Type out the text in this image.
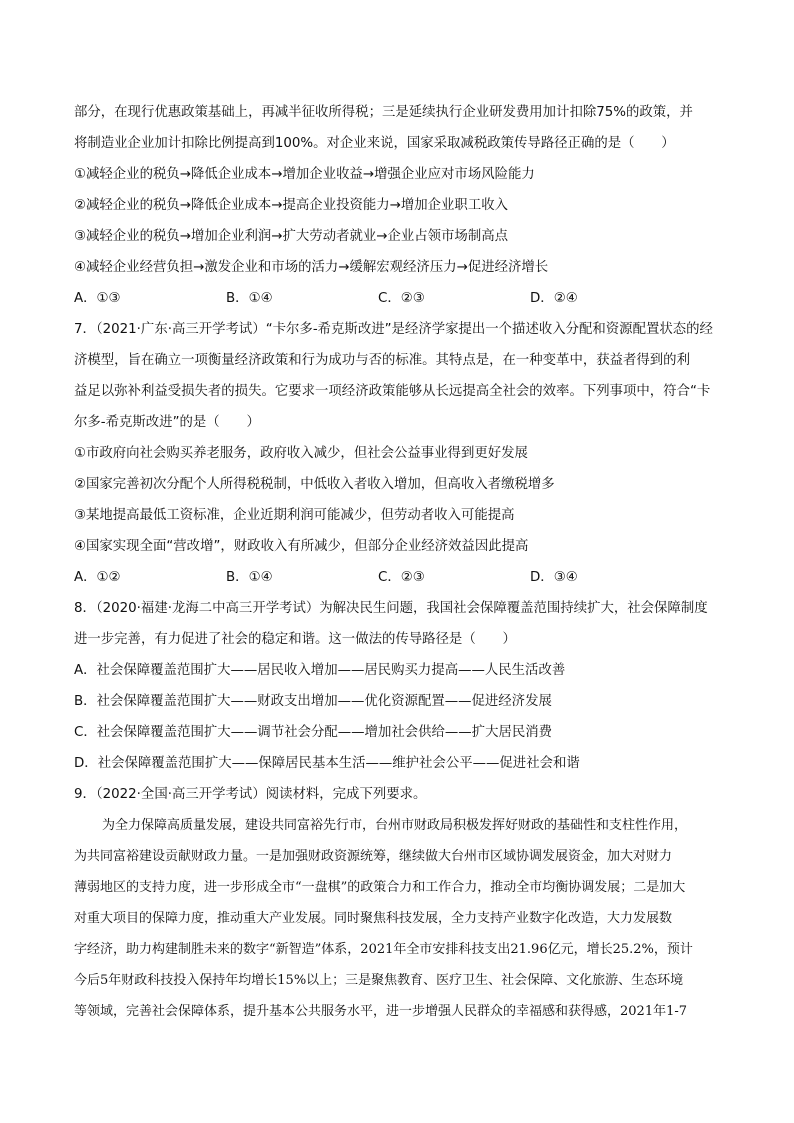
部分，在现行优惠政策基础上，再减半征收所得税；三是延续执行企业研发费用加计扣除75%的政策，并
将制造业企业加计扣除比例提高到100%。对企业来说，国家采取减税政策传导路径正确的是（　　）
①减轻企业的税负→降低企业成本→增加企业收益→增强企业应对市场风险能力
②减轻企业的税负→降低企业成本→提高企业投资能力→增加企业职工收入
③减轻企业的税负→增加企业利润→扩大劳动者就业→企业占领市场制高点
④减轻企业经营负担→激发企业和市场的活力→缓解宏观经济压力→促进经济增长
A．①③	B．①④	C．②③	D．②④
7．（2021·广东·高三开学考试）“卡尔多-希克斯改进”是经济学家提出一个描述收入分配和资源配置状态的经
济模型，旨在确立一项衡量经济政策和行为成功与否的标准。其特点是，在一种变革中，获益者得到的利
益足以弥补利益受损失者的损失。它要求一项经济政策能够从长远提高全社会的效率。下列事项中，符合“卡
尔多-希克斯改进”的是（　　）
①市政府向社会购买养老服务，政府收入减少，但社会公益事业得到更好发展
②国家完善初次分配个人所得税税制，中低收入者收入增加，但高收入者缴税增多
③某地提高最低工资标准，企业近期利润可能减少，但劳动者收入可能提高
④国家实现全面“营改增”，财政收入有所减少，但部分企业经济效益因此提高
A．①②	B．①④	C．②③	D．③④
8．（2020·福建·龙海二中高三开学考试）为解决民生问题，我国社会保障覆盖范围持续扩大，社会保障制度
进一步完善，有力促进了社会的稳定和谐。这一做法的传导路径是（　　）
A．社会保障覆盖范围扩大——居民收入增加——居民购买力提高——人民生活改善
B．社会保障覆盖范围扩大——财政支出增加——优化资源配置——促进经济发展
C．社会保障覆盖范围扩大——调节社会分配——增加社会供给——扩大居民消费
D．社会保障覆盖范围扩大——保障居民基本生活——维护社会公平——促进社会和谐
9．（2022·全国·高三开学考试）阅读材料，完成下列要求。
为全力保障高质量发展，建设共同富裕先行市，台州市财政局积极发挥好财政的基础性和支柱性作用，
为共同富裕建设贡献财政力量。一是加强财政资源统筹，继续做大台州市区域协调发展资金，加大对财力
薄弱地区的支持力度，进一步形成全市“一盘棋”的政策合力和工作合力，推动全市均衡协调发展；二是加大
对重大项目的保障力度，推动重大产业发展。同时聚焦科技发展，全力支持产业数字化改造，大力发展数
字经济，助力构建制胜未来的数字“新智造”体系，2021年全市安排科技支出21.96亿元，增长25.2%，预计
今后5年财政科技投入保持年均增长15%以上；三是聚焦教育、医疗卫生、社会保障、文化旅游、生态环境
等领域，完善社会保障体系，提升基本公共服务水平，进一步增强人民群众的幸福感和获得感，2021年1-7
